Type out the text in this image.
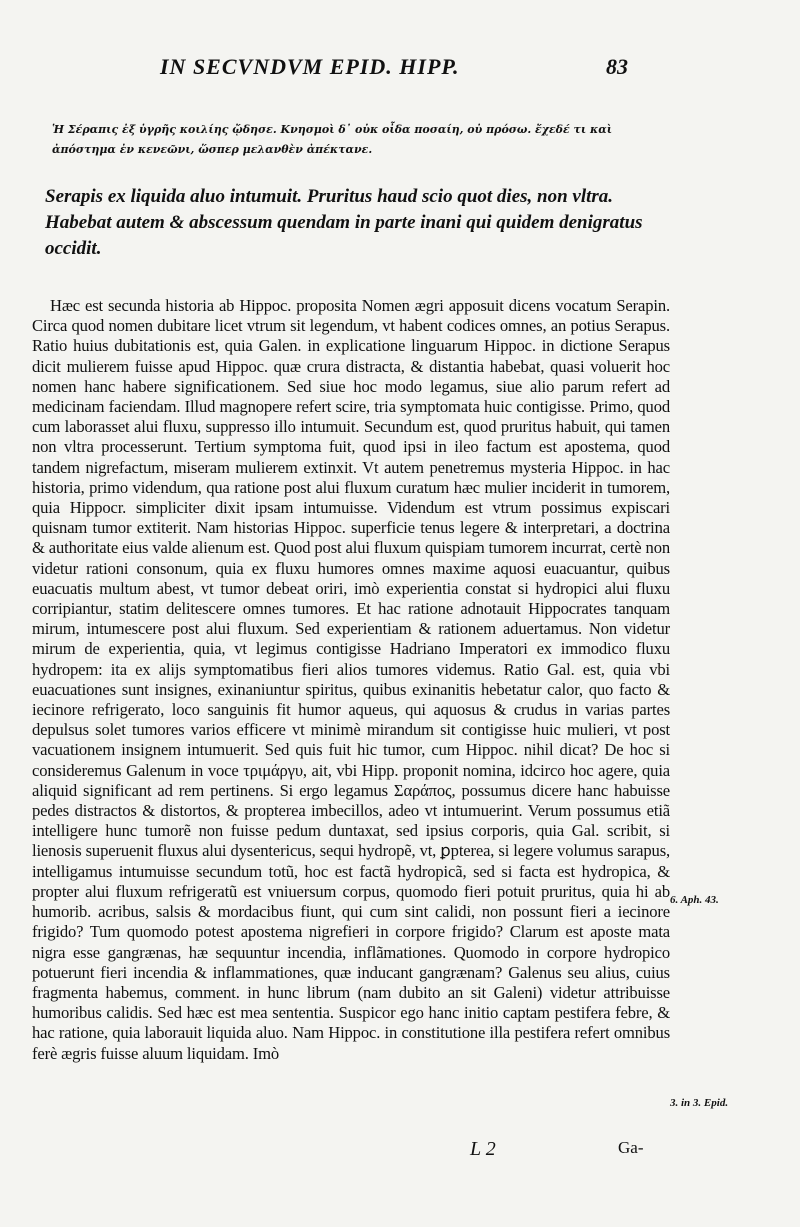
IN SECVNDVM EPID. HIPP.	83
Ἡ Σέραπις ἐξ ὑγρῆς κοιλίης ᾤδησε. Κνησμοὶ δ᾽ οὐκ οἶδα ποσαίη, οὐ πρόσω. ἔχεδέ τι καὶ ἀπόστημα ἐν κενεῶνι, ὥσπερ μελανθὲν ἀπέκτανε.
Serapis ex liquida aluo intumuit. Pruritus haud scio quot dies, non vltra. Habebat autem & abscessum quendam in parte inani qui quidem denigratus occidit.

Hæc est secunda historia ab Hippoc. proposita Nomen ægri apposuit dicens vocatum Serapin. Circa quod nomen dubitare licet vtrum sit legendum, vt habent codices omnes, an potius Serapus. Ratio huius dubitationis est, quia Galen. in explicatione linguarum Hippoc. in dictione Serapus dicit mulierem fuisse apud Hippoc. quæ crura distracta, & distantia habebat, quasi voluerit hoc nomen hanc habere significationem. Sed siue hoc modo legamus, siue alio parum refert ad medicinam faciendam. Illud magnopere refert scire, tria symptomata huic contigisse. Primo, quod cum laborasset alui fluxu, suppresso illo intumuit. Secundum est, quod pruritus habuit, qui tamen non vltra processerunt. Tertium symptoma fuit, quod ipsi in ileo factum est apostema, quod tandem nigrefactum, miseram mulierem extinxit. Vt autem penetremus mysteria Hippoc. in hac historia, primo videndum, qua ratione post alui fluxum curatum hæc mulier inciderit in tumorem, quia Hippocr. simpliciter dixit ipsam intumuisse. Videndum est vtrum possimus expiscari quisnam tumor extiterit. Nam historias Hippoc. superficie tenus legere & interpretari, a doctrina & authoritate eius valde alienum est. Quod post alui fluxum quispiam tumorem incurrat, certè non videtur rationi consonum, quia ex fluxu humores omnes maxime aquosi euacuantur, quibus euacuatis multum abest, vt tumor debeat oriri, imò experientia constat si hydropici alui fluxu corripiantur, statim delitescere omnes tumores. Et hac ratione adnotauit Hippocrates tanquam mirum, intumescere post alui fluxum. Sed experientiam & rationem aduertamus. Non videtur mirum de experientia, quia, vt legimus contigisse Hadriano Imperatori ex immodico fluxu hydropem: ita ex alijs symptomatibus fieri alios tumores videmus. Ratio Gal. est, quia vbi euacuationes sunt insignes, exinaniuntur spiritus, quibus exinanitis hebetatur calor, quo facto & iecinore refrigerato, loco sanguinis fit humor aqueus, qui aquosus & crudus in varias partes depulsus solet tumores varios efficere vt minimè mirandum sit contigisse huic mulieri, vt post vacuationem insignem intumuerit. Sed quis fuit hic tumor, cum Hippoc. nihil dicat? De hoc si consideremus Galenum in voce τριμάργυ, ait, vbi Hipp. proponit nomina, idcirco hoc agere, quia aliquid significant ad rem pertinens. Si ergo legamus Σαράπος, possumus dicere hanc habuisse pedes distractos & distortos, & propterea imbecillos, adeo vt intumuerint. Verum possumus etiã intelligere hunc tumorẽ non fuisse pedum duntaxat, sed ipsius corporis, quia Gal. scribit, si lienosis superuenit fluxus alui dysentericus, sequi hydropẽ, vt, ꝑpterea, si legere volumus sarapus, intelligamus intumuisse secundum totũ, hoc est factã hydropicã, sed si facta est hydropica, & propter alui fluxum refrigeratũ est vniuersum corpus, quomodo fieri potuit pruritus, quia hi ab humorib. acribus, salsis & mordacibus fiunt, qui cum sint calidi, non possunt fieri a iecinore frigido? Tum quomodo potest apostema nigrefieri in corpore frigido? Clarum est aposte mata nigra esse gangrænas, hæ sequuntur incendia, inflãmationes. Quomodo in corpore hydropico potuerunt fieri incendia & inflammationes, quæ inducant gangrænam? Galenus seu alius, cuius fragmenta habemus, comment. in hunc librum (nam dubito an sit Galeni) videtur attribuisse humoribus calidis. Sed hæc est mea sententia. Suspicor ego hanc initio captam pestifera febre, & hac ratione, quia laborauit liquida aluo. Nam Hippoc. in constitutione illa pestifera refert omnibus ferè ægris fuisse aluum liquidam. Imò

6. Aph. 43.
3. in 3. Epid.
L 2	Ga-
